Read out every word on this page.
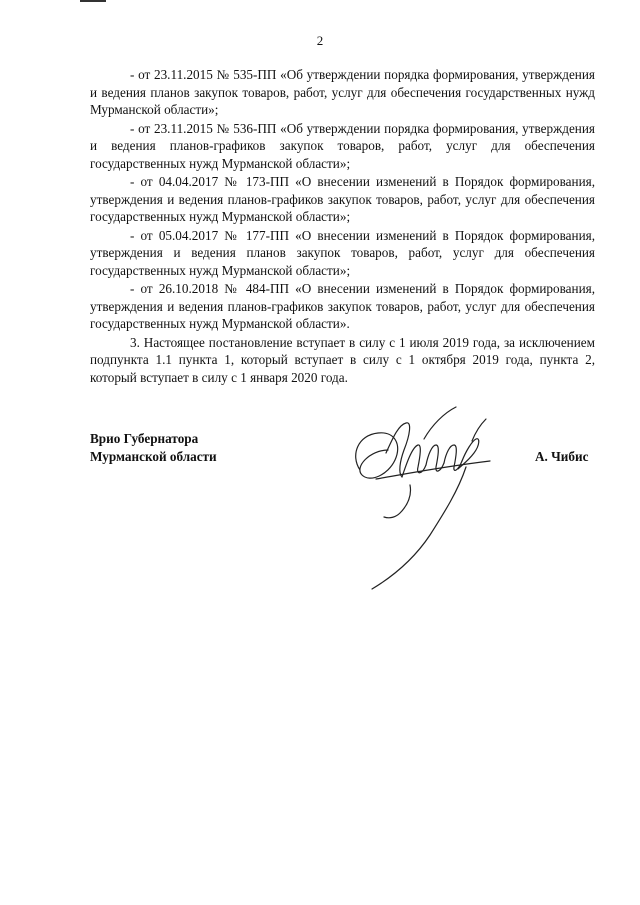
2

- от 23.11.2015 № 535-ПП «Об утверждении порядка формирования, утверждения и ведения планов закупок товаров, работ, услуг для обеспечения государственных нужд Мурманской области»;

- от 23.11.2015 № 536-ПП «Об утверждении порядка формирования, утверждения и ведения планов-графиков закупок товаров, работ, услуг для обеспечения государственных нужд Мурманской области»;

- от 04.04.2017 № 173-ПП «О внесении изменений в Порядок формирования, утверждения и ведения планов-графиков закупок товаров, работ, услуг для обеспечения государственных нужд Мурманской области»;

- от 05.04.2017 № 177-ПП «О внесении изменений в Порядок формирования, утверждения и ведения планов закупок товаров, работ, услуг для обеспечения государственных нужд Мурманской области»;

- от 26.10.2018 № 484-ПП «О внесении изменений в Порядок формирования, утверждения и ведения планов-графиков закупок товаров, работ, услуг для обеспечения государственных нужд Мурманской области».

3. Настоящее постановление вступает в силу с 1 июля 2019 года, за исключением подпункта 1.1 пункта 1, который вступает в силу с 1 октября 2019 года, пункта 2, который вступает в силу с 1 января 2020 года.

Врио Губернатора
Мурманской области	А. Чибис
